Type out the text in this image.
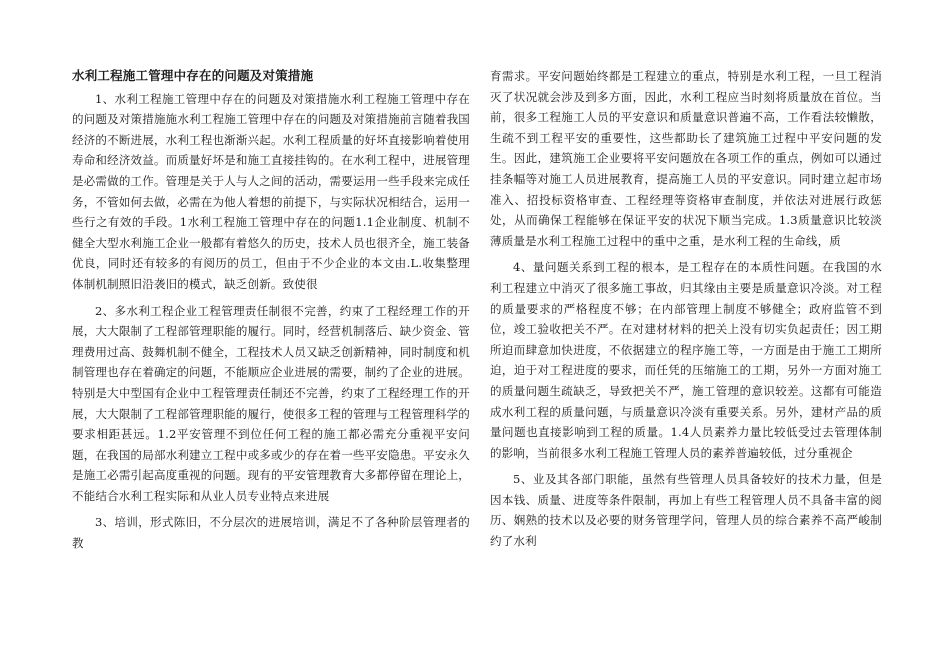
水利工程施工管理中存在的问题及对策措施

1、水利工程施工管理中存在的问题及对策措施水利工程施工管理中存在的问题及对策措施施水利工程施工管理中存在的问题及对策措施前言随着我国经济的不断进展，水利工程也渐渐兴起。水利工程质量的好坏直接影响着使用寿命和经济效益。而质量好坏是和施工直接挂钩的。在水利工程中，进展管理是必需做的工作。管理是关于人与人之间的活动，需要运用一些手段来完成任务，不管如何去做，必需在为他人着想的前提下，与实际状况相结合，运用一些行之有效的手段。1水利工程施工管理中存在的问题1.1企业制度、机制不健全大型水利施工企业一般都有着悠久的历史，技术人员也很齐全，施工装备优良，同时还有较多的有阅历的员工，但由于不少企业的本文由.L.收集整理体制机制照旧沿袭旧的模式，缺乏创新。致使很

2、多水利工程企业工程管理责任制很不完善，约束了工程经理工作的开展，大大限制了工程部管理职能的履行。同时，经营机制落后、缺少资金、管理费用过高、鼓舞机制不健全，工程技术人员又缺乏创新精神，同时制度和机制管理也存在着确定的问题，不能顺应企业进展的需要，制约了企业的进展。特别是大中型国有企业中工程管理责任制还不完善，约束了工程经理工作的开展，大大限制了工程部管理职能的履行，使很多工程的管理与工程管理科学的要求相距甚远。1.2平安管理不到位任何工程的施工都必需充分重视平安问题，在我国的局部水利建立工程中或多或少的存在着一些平安隐患。平安永久是施工必需引起高度重视的问题。现有的平安管理教育大多都停留在理论上，不能结合水利工程实际和从业人员专业特点来进展

3、培训，形式陈旧，不分层次的进展培训，满足不了各种阶层管理者的教

育需求。平安问题始终都是工程建立的重点，特别是水利工程，一旦工程消灭了状况就会涉及到多方面，因此，水利工程应当时刻将质量放在首位。当前，很多工程施工人员的平安意识和质量意识普遍不高，工作看法较懒散，生疏不到工程平安的重要性，这些都助长了建筑施工过程中平安问题的发生。因此，建筑施工企业要将平安问题放在各项工作的重点，例如可以通过挂条幅等对施工人员进展教育，提高施工人员的平安意识。同时建立起市场准入、招投标资格审查、工程经理等资格审查制度，并依法对进展行政惩处，从而确保工程能够在保证平安的状况下顺当完成。1.3质量意识比较淡薄质量是水利工程施工过程中的重中之重，是水利工程的生命线，质

4、量问题关系到工程的根本，是工程存在的本质性问题。在我国的水利工程建立中消灭了很多施工事故，归其缘由主要是质量意识冷淡。对工程的质量要求的严格程度不够；在内部管理上制度不够健全；政府监管不到位，竣工验收把关不严。在对建材材料的把关上没有切实负起责任；因工期所迫而肆意加快进度，不依据建立的程序施工等，一方面是由于施工工期所迫，迫于对工程进度的要求，而任凭的压缩施工的工期，另外一方面对施工的质量问题生疏缺乏，导致把关不严，施工管理的意识较差。这都有可能造成水利工程的质量问题，与质量意识冷淡有重要关系。另外，建材产品的质量问题也直接影响到工程的质量。1.4人员素养力量比较低受过去管理体制的影响，当前很多水利工程施工管理人员的素养普遍较低，过分重视企

5、业及其各部门职能，虽然有些管理人员具备较好的技术力量，但是因本钱、质量、进度等条件限制，再加上有些工程管理人员不具备丰富的阅历、娴熟的技术以及必要的财务管理学问，管理人员的综合素养不高严峻制约了水利
